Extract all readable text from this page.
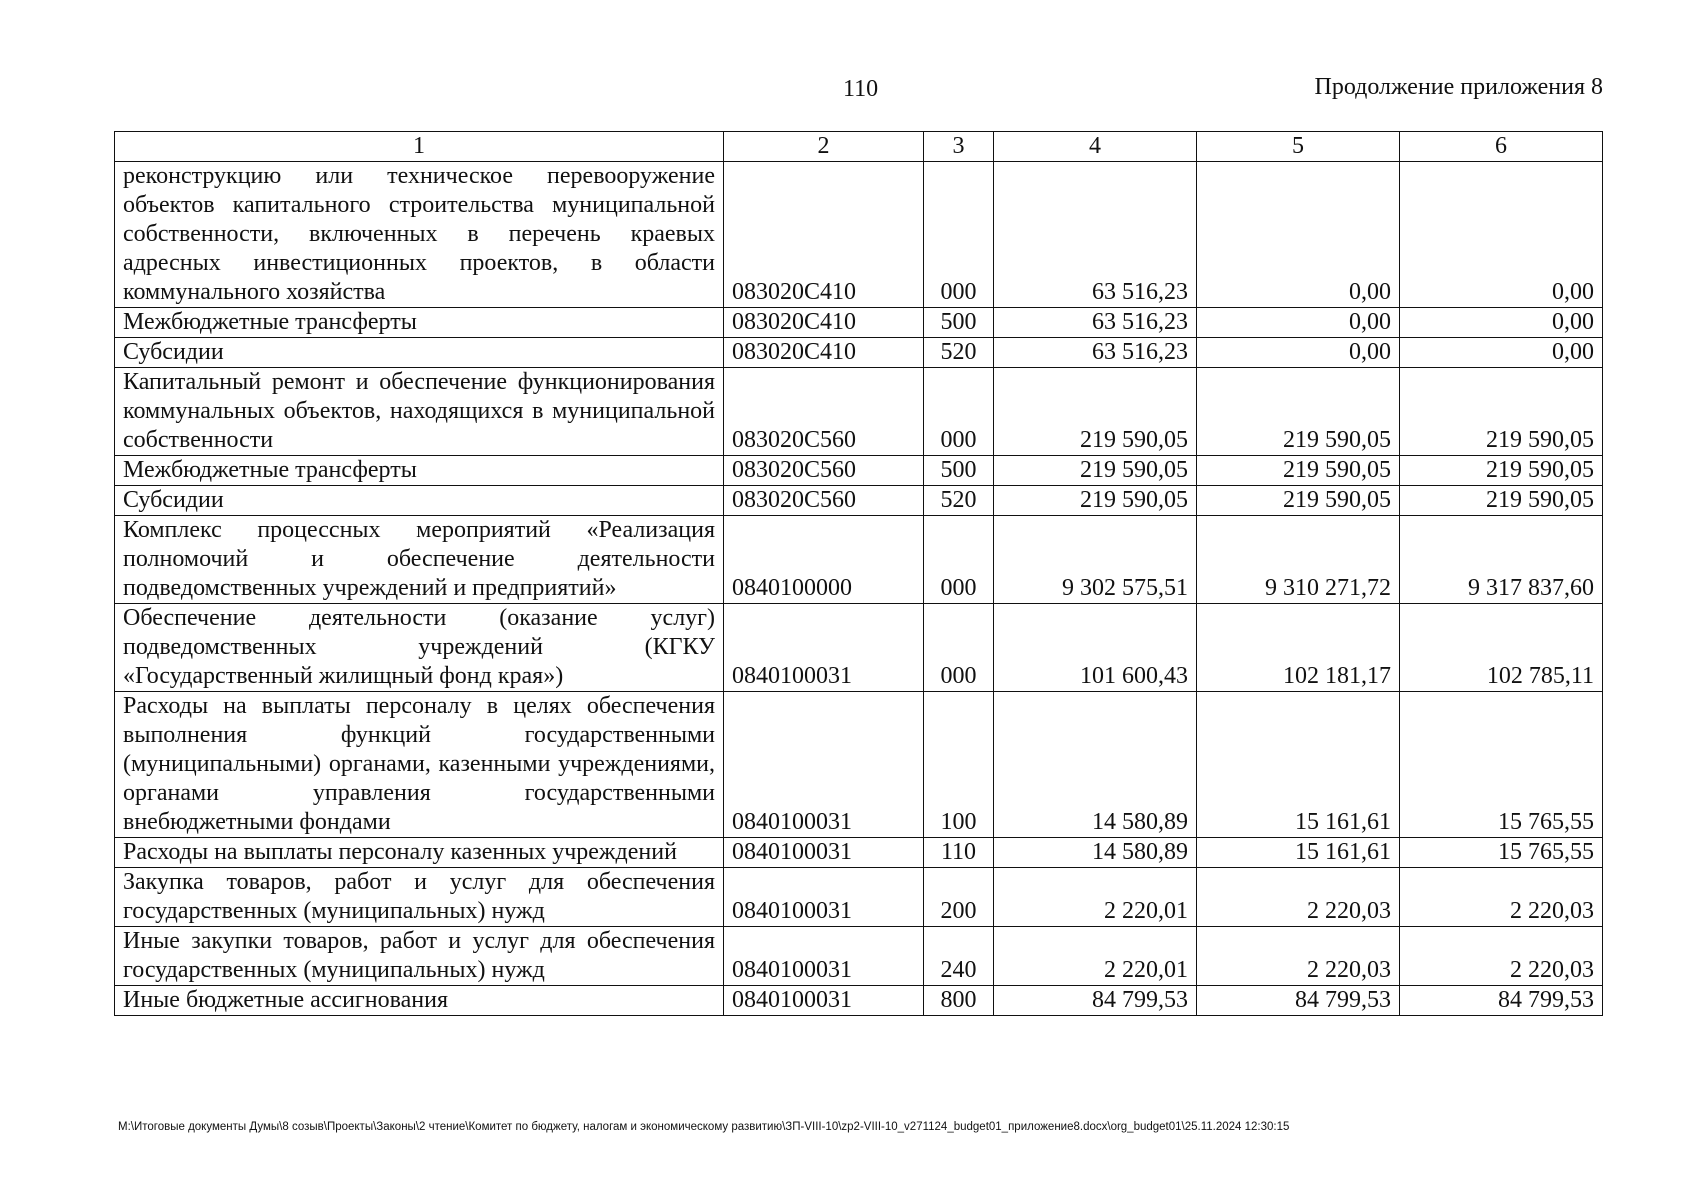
110	Продолжение приложения 8
1	2	3	4	5	6
реконструкцию или техническое перевооружение объектов капитального строительства муниципальной собственности, включенных в перечень краевых адресных инвестиционных проектов, в области коммунального хозяйства	083020С410	000	63 516,23	0,00	0,00
Межбюджетные трансферты	083020С410	500	63 516,23	0,00	0,00
Субсидии	083020С410	520	63 516,23	0,00	0,00
Капитальный ремонт и обеспечение функционирования коммунальных объектов, находящихся в муниципальной собственности	083020С560	000	219 590,05	219 590,05	219 590,05
Межбюджетные трансферты	083020С560	500	219 590,05	219 590,05	219 590,05
Субсидии	083020С560	520	219 590,05	219 590,05	219 590,05
Комплекс процессных мероприятий «Реализация полномочий и обеспечение деятельности подведомственных учреждений и предприятий»	0840100000	000	9 302 575,51	9 310 271,72	9 317 837,60
Обеспечение деятельности (оказание услуг) подведомственных учреждений (КГКУ «Государственный жилищный фонд края»)	0840100031	000	101 600,43	102 181,17	102 785,11
Расходы на выплаты персоналу в целях обеспечения выполнения функций государственными (муниципальными) органами, казенными учреждениями, органами управления государственными внебюджетными фондами	0840100031	100	14 580,89	15 161,61	15 765,55
Расходы на выплаты персоналу казенных учреждений	0840100031	110	14 580,89	15 161,61	15 765,55
Закупка товаров, работ и услуг для обеспечения государственных (муниципальных) нужд	0840100031	200	2 220,01	2 220,03	2 220,03
Иные закупки товаров, работ и услуг для обеспечения государственных (муниципальных) нужд	0840100031	240	2 220,01	2 220,03	2 220,03
Иные бюджетные ассигнования	0840100031	800	84 799,53	84 799,53	84 799,53
M:\Итоговые документы Думы\8 созыв\Проекты\Законы\2 чтение\Комитет по бюджету, налогам и экономическому развитию\ЗП-VIII-10\zp2-VIII-10_v271124_budget01_приложение8.docx\org_budget01\25.11.2024 12:30:15
